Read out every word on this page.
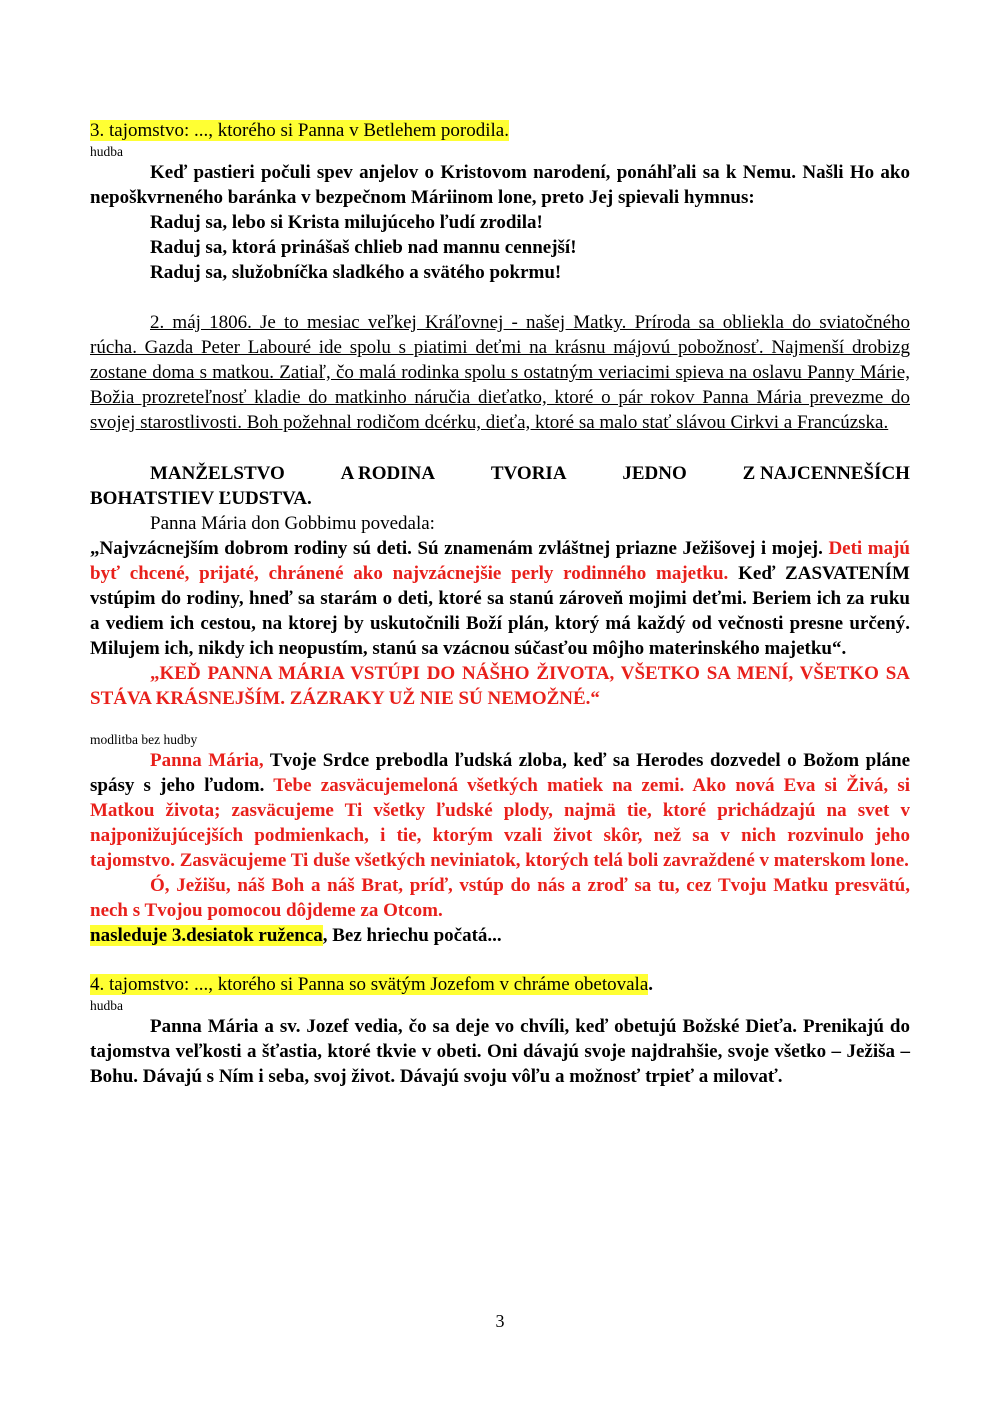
3. tajomstvo: ..., ktorého si Panna v Betlehem porodila.

hudba

Keď pastieri počuli spev anjelov o Kristovom narodení, ponáhľali sa k Nemu. Našli Ho ako nepoškvrneného baránka v bezpečnom Máriinom lone, preto Jej spievali hymnus:

Raduj sa, lebo si Krista milujúceho ľudí zrodila!

Raduj sa, ktorá prinášaš chlieb nad mannu cennejší!

Raduj sa, služobníčka sladkého a svätého pokrmu!

2. máj 1806. Je to mesiac veľkej Kráľovnej - našej Matky. Príroda sa obliekla do sviatočného rúcha. Gazda Peter Labouré ide spolu s piatimi deťmi na krásnu májovú pobožnosť. Najmenší drobizg zostane doma s matkou. Zatiaľ, čo malá rodinka spolu s ostatným veriacimi spieva na oslavu Panny Márie, Božia prozreteľnosť kladie do matkinho náručia dieťatko, ktoré o pár rokov Panna Mária prevezme do svojej starostlivosti. Boh požehnal rodičom dcérku, dieťa, ktoré sa malo stať slávou Cirkvi a Francúzska.

MANŽELSTVO	A RODINA	TVORIA	JEDNO	Z NAJCENNEŠÍCH

BOHATSTIEV ĽUDSTVA.

Panna Mária don Gobbimu povedala:

„Najvzácnejším dobrom rodiny sú deti. Sú znamenám zvláštnej priazne Ježišovej i mojej. Deti majú byť chcené, prijaté, chránené ako najvzácnejšie perly rodinného majetku. Keď ZASVATENÍM vstúpim do rodiny, hneď sa starám o deti, ktoré sa stanú zároveň mojimi deťmi. Beriem ich za ruku a vediem ich cestou, na ktorej by uskutočnili Boží plán, ktorý má každý od večnosti presne určený. Milujem ich, nikdy ich neopustím, stanú sa vzácnou súčasťou môjho materinského majetku“.

„KEĎ PANNA MÁRIA VSTÚPI DO NÁŠHO ŽIVOTA, VŠETKO SA MENÍ, VŠETKO SA STÁVA KRÁSNEJŠÍM. ZÁZRAKY UŽ NIE SÚ NEMOŽNÉ.“

modlitba bez hudby

Panna Mária, Tvoje Srdce prebodla ľudská zloba, keď sa Herodes dozvedel o Božom pláne spásy s jeho ľudom. Tebe zasväcujemeloná všetkých matiek na zemi. Ako nová Eva si Živá, si Matkou života; zasväcujeme Ti všetky ľudské plody, najmä tie, ktoré prichádzajú na svet v najponižujúcejších podmienkach, i tie, ktorým vzali život skôr, než sa v nich rozvinulo jeho tajomstvo. Zasväcujeme Ti duše všetkých neviniatok, ktorých telá boli zavraždené v materskom lone.

Ó, Ježišu, náš Boh a náš Brat, príď, vstúp do nás a zroď sa tu, cez Tvoju Matku presvätú, nech s Tvojou pomocou dôjdeme za Otcom.

nasleduje 3.desiatok ruženca, Bez hriechu počatá...

4. tajomstvo: ..., ktorého si Panna so svätým Jozefom v chráme obetovala.

hudba

Panna Mária a sv. Jozef vedia, čo sa deje vo chvíli, keď obetujú Božské Dieťa. Prenikajú do tajomstva veľkosti a šťastia, ktoré tkvie v obeti. Oni dávajú svoje najdrahšie, svoje všetko – Ježiša – Bohu. Dávajú s Ním i seba, svoj život. Dávajú svoju vôľu a možnosť trpieť a milovať.

3
